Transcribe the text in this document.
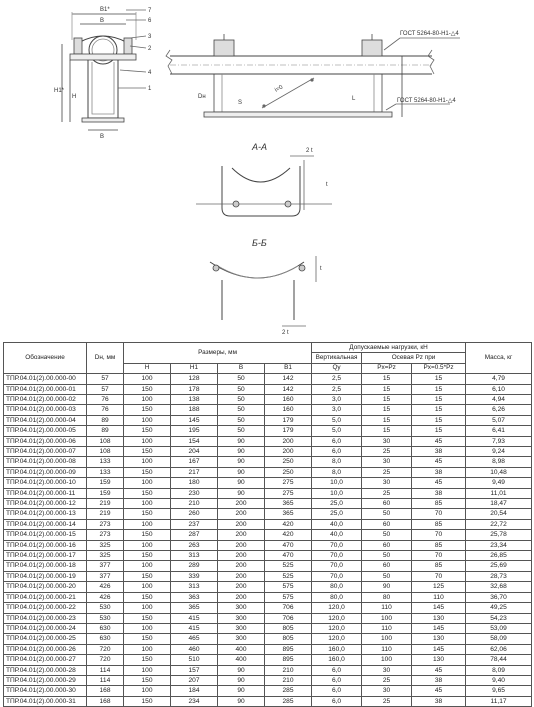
B1*
B
H1*
H
B
7
6
3
2
4
1	i=0
S
L
Dн
ГОСТ 5264-80-Н1-△4
ГОСТ 5264-80-Н1-△4
А-А	2 t
t
Б-Б
t
2 t
Обозначение	Dн, мм	Размеры, мм				Допускаемые нагрузки, кН			Масса, кг
						Вертикальная	Осевая Pz при		
		H	H1	B	B1	Qy	Px=Pz	Px=0.5*Pz	
ТПР.04.01(2).00.000-00	57	100	128	50	142	2,5	15	15	4,79
ТПР.04.01(2).00.000-01	57	150	178	50	142	2,5	15	15	6,10
ТПР.04.01(2).00.000-02	76	100	138	50	160	3,0	15	15	4,94
ТПР.04.01(2).00.000-03	76	150	188	50	160	3,0	15	15	6,26
ТПР.04.01(2).00.000-04	89	100	145	50	179	5,0	15	15	5,07
ТПР.04.01(2).00.000-05	89	150	195	50	179	5,0	15	15	6,41
ТПР.04.01(2).00.000-06	108	100	154	90	200	6,0	30	45	7,93
ТПР.04.01(2).00.000-07	108	150	204	90	200	6,0	25	38	9,24
ТПР.04.01(2).00.000-08	133	100	167	90	250	8,0	30	45	8,98
ТПР.04.01(2).00.000-09	133	150	217	90	250	8,0	25	38	10,48
ТПР.04.01(2).00.000-10	159	100	180	90	275	10,0	30	45	9,49
ТПР.04.01(2).00.000-11	159	150	230	90	275	10,0	25	38	11,01
ТПР.04.01(2).00.000-12	219	100	210	200	365	25,0	60	85	18,47
ТПР.04.01(2).00.000-13	219	150	260	200	365	25,0	50	70	20,54
ТПР.04.01(2).00.000-14	273	100	237	200	420	40,0	60	85	22,72
ТПР.04.01(2).00.000-15	273	150	287	200	420	40,0	50	70	25,78
ТПР.04.01(2).00.000-16	325	100	263	200	470	70,0	60	85	23,34
ТПР.04.01(2).00.000-17	325	150	313	200	470	70,0	50	70	26,85
ТПР.04.01(2).00.000-18	377	100	289	200	525	70,0	60	85	25,69
ТПР.04.01(2).00.000-19	377	150	339	200	525	70,0	50	70	28,73
ТПР.04.01(2).00.000-20	426	100	313	200	575	80,0	90	125	32,68
ТПР.04.01(2).00.000-21	426	150	363	200	575	80,0	80	110	36,70
ТПР.04.01(2).00.000-22	530	100	365	300	706	120,0	110	145	49,25
ТПР.04.01(2).00.000-23	530	150	415	300	706	120,0	100	130	54,23
ТПР.04.01(2).00.000-24	630	100	415	300	805	120,0	110	145	53,09
ТПР.04.01(2).00.000-25	630	150	465	300	805	120,0	100	130	58,09
ТПР.04.01(2).00.000-26	720	100	460	400	895	160,0	110	145	62,06
ТПР.04.01(2).00.000-27	720	150	510	400	895	160,0	100	130	78,44
ТПР.04.01(2).00.000-28	114	100	157	90	210	6,0	30	45	8,09
ТПР.04.01(2).00.000-29	114	150	207	90	210	6,0	25	38	9,40
ТПР.04.01(2).00.000-30	168	100	184	90	285	6,0	30	45	9,65
ТПР.04.01(2).00.000-31	168	150	234	90	285	6,0	25	38	11,17
